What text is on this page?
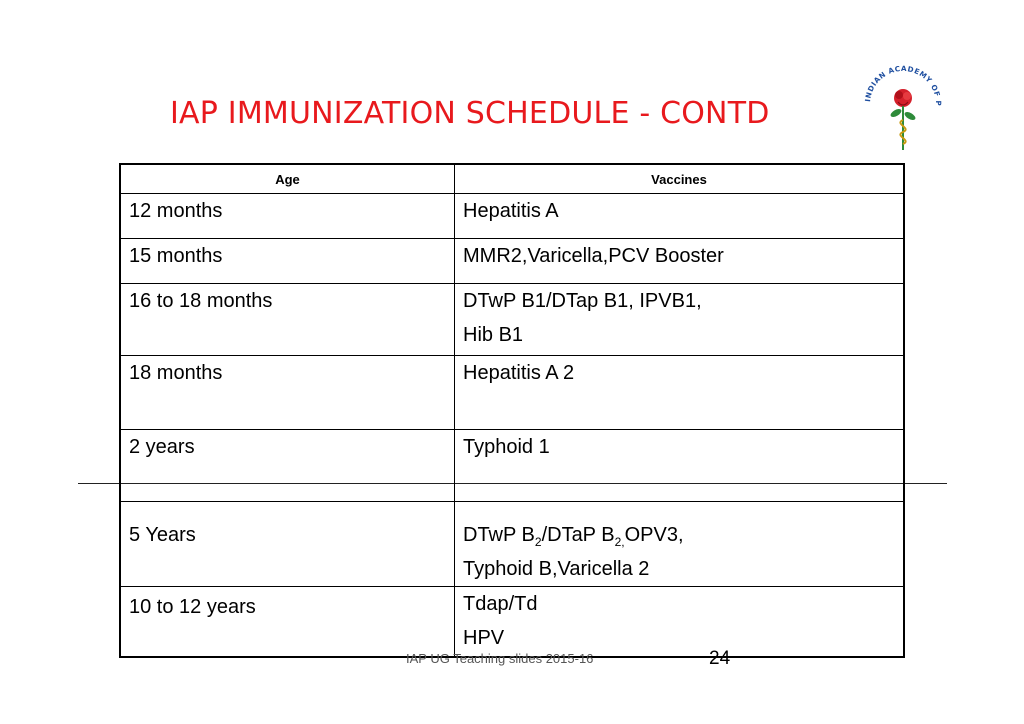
IAP IMMUNIZATION SCHEDULE - CONTD	INDIAN ACADEMY OF P
Age	Vaccines

12 months	Hepatitis A

15 months	MMR2,Varicella,PCV Booster

16 to 18 months	DTwP B1/DTap B1, IPVB1,
Hib B1

18 months	Hepatitis A 2

2 years	Typhoid 1

5 Years	DTwP $B_2$/DTaP $B_{2,}OPV3$,
Typhoid B,Varicella 2

10 to 12 years	Tdap/Td
HPV
IAP UG Teaching slides 2015-16	24
